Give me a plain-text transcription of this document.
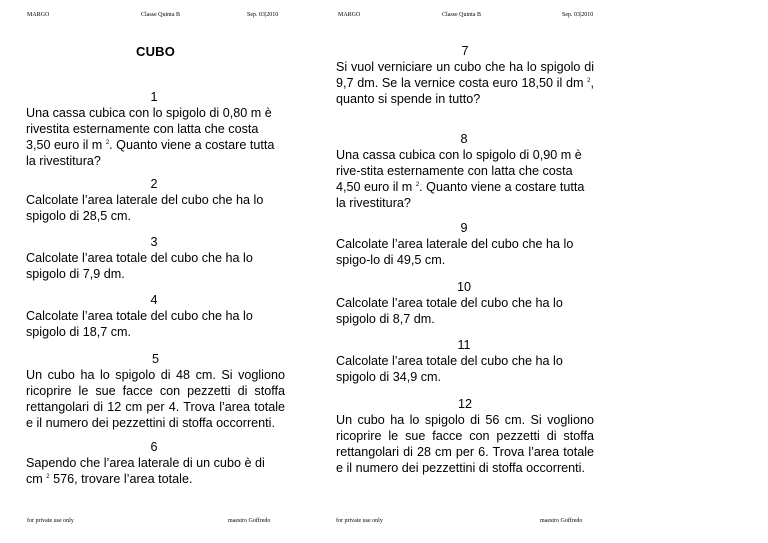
MARGO	Classe Quinta B	Sep. 03|2010
CUBO
1
Una cassa cubica con lo spigolo di 0,80 m è rivestita esternamente con latta che costa 3,50 euro il m $^2$. Quanto viene a costare tutta la rivestitura?
2
Calcolate l’area laterale del cubo che ha lo spigolo di 28,5 cm.
3
Calcolate l’area totale del cubo che ha lo spigolo di 7,9 dm.
4
Calcolate l’area totale del cubo che ha lo spigolo di 18,7 cm.
5
Un cubo ha lo spigolo di 48 cm. Si vogliono ricoprire le sue facce con pezzetti di stoffa rettangolari di 12 cm per 4. Trova l’area totale e il numero dei pezzettini di stoffa occorrenti.
6
Sapendo che l’area laterale di un cubo è di cm $^2$ 576, trovare l’area totale.
for private use only	maestro Goffredo
MARGO	Classe Quinta B	Sep. 03|2010
7
Si vuol verniciare un cubo che ha lo spigolo di 9,7 dm. Se la vernice costa euro 18,50 il dm $^2$, quanto si spende in tutto?
8
Una cassa cubica con lo spigolo di 0,90 m è rive-stita esternamente con latta che costa 4,50 euro il m $^2$. Quanto viene a costare tutta la rivestitura?
9
Calcolate l’area laterale del cubo che ha lo spigo-lo di 49,5 cm.
10
Calcolate l’area totale del cubo che ha lo spigolo di 8,7 dm.
11
Calcolate l’area totale del cubo che ha lo spigolo di 34,9 cm.
12
Un cubo ha lo spigolo di 56 cm. Si vogliono ricoprire le sue facce con pezzetti di stoffa rettangolari di 28 cm per 6. Trova l’area totale e il numero dei pezzettini di stoffa occorrenti.
for private use only	maestro Goffredo
